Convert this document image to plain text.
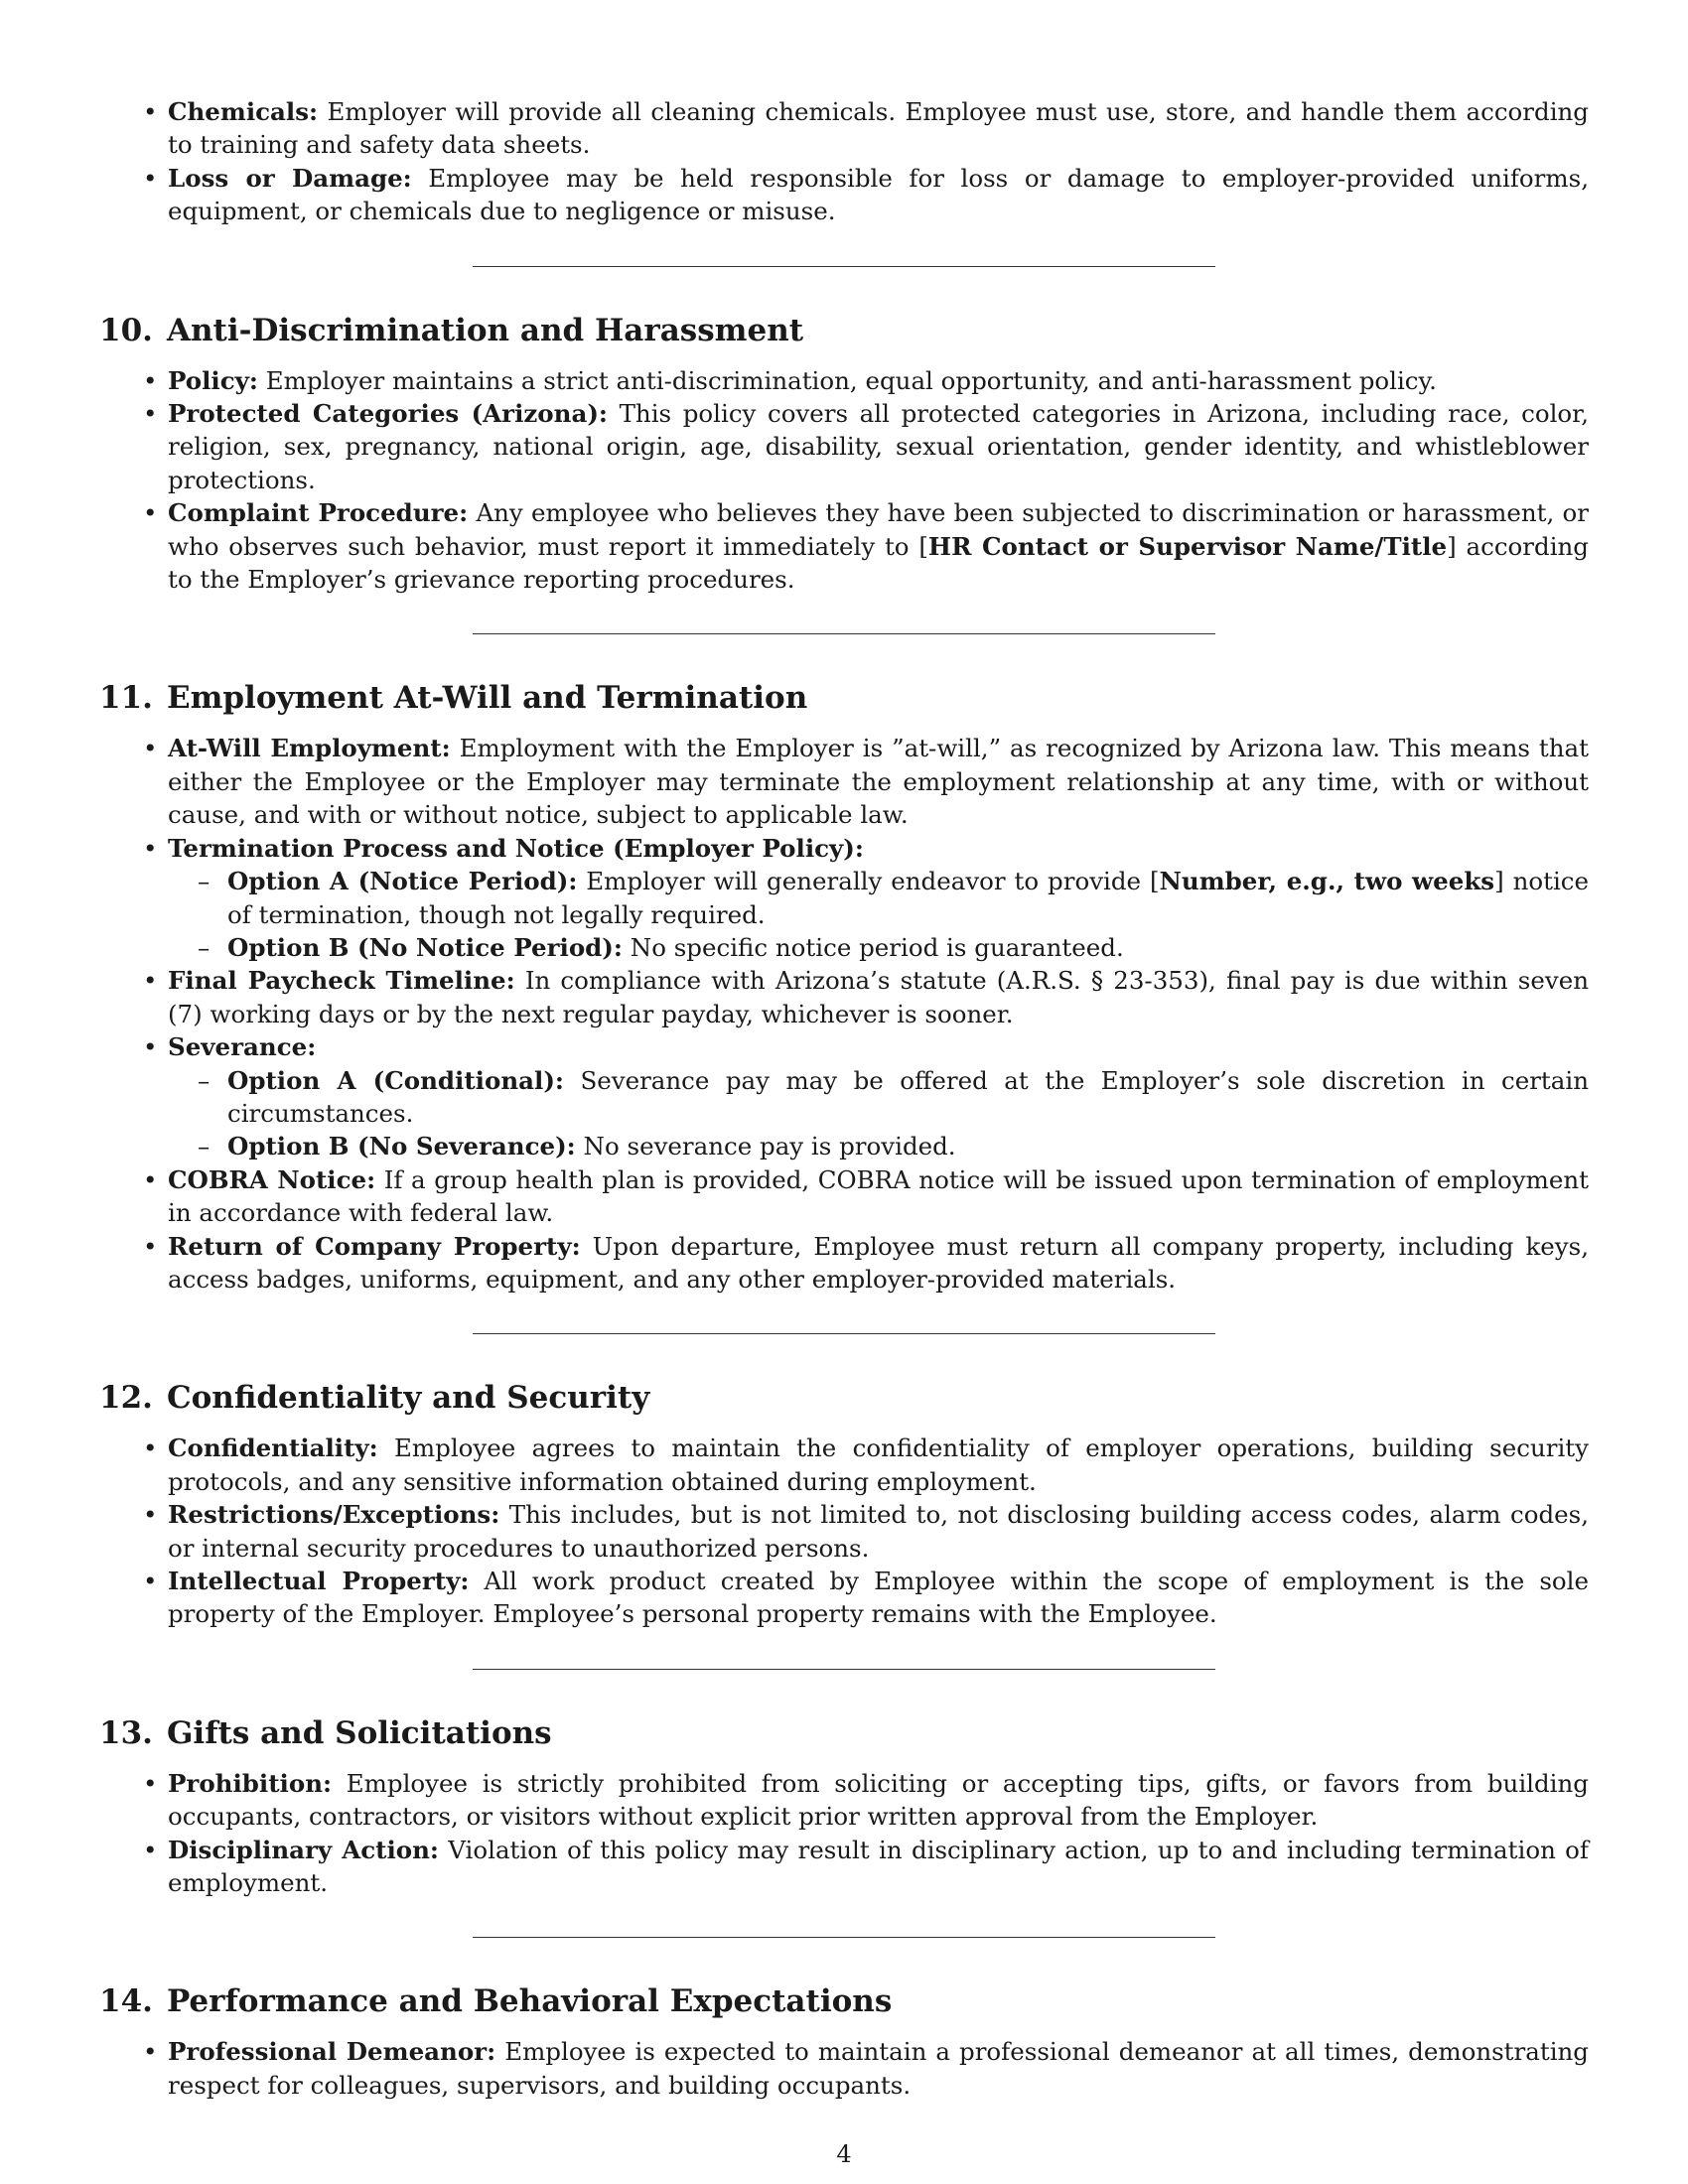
• Chemicals: Employer will provide all cleaning chemicals. Employee must use, store, and handle them according to training and safety data sheets.
• Loss or Damage: Employee may be held responsible for loss or damage to employer-provided uniforms, equipment, or chemicals due to negligence or misuse.
10. Anti-Discrimination and Harassment
• Policy: Employer maintains a strict anti-discrimination, equal opportunity, and anti-harassment policy.
• Protected Categories (Arizona): This policy covers all protected categories in Arizona, including race, color, religion, sex, pregnancy, national origin, age, disability, sexual orientation, gender identity, and whistleblower protections.
• Complaint Procedure: Any employee who believes they have been subjected to discrimination or harassment, or who observes such behavior, must report it immediately to [HR Contact or Supervisor Name/Title] according to the Employer’s grievance reporting procedures.
11. Employment At-Will and Termination
• At-Will Employment: Employment with the Employer is ”at-will,” as recognized by Arizona law. This means that either the Employee or the Employer may terminate the employment relationship at any time, with or without cause, and with or without notice, subject to applicable law.
• Termination Process and Notice (Employer Policy):
– Option A (Notice Period): Employer will generally endeavor to provide [Number, e.g., two weeks] notice of termination, though not legally required.
– Option B (No Notice Period): No specific notice period is guaranteed.
• Final Paycheck Timeline: In compliance with Arizona’s statute (A.R.S. § 23-353), final pay is due within seven (7) working days or by the next regular payday, whichever is sooner.
• Severance:
– Option A (Conditional): Severance pay may be offered at the Employer’s sole discretion in certain circumstances.
– Option B (No Severance): No severance pay is provided.
• COBRA Notice: If a group health plan is provided, COBRA notice will be issued upon termination of employment in accordance with federal law.
• Return of Company Property: Upon departure, Employee must return all company property, including keys, access badges, uniforms, equipment, and any other employer-provided materials.
12. Confidentiality and Security
• Confidentiality: Employee agrees to maintain the confidentiality of employer operations, building security protocols, and any sensitive information obtained during employment.
• Restrictions/Exceptions: This includes, but is not limited to, not disclosing building access codes, alarm codes, or internal security procedures to unauthorized persons.
• Intellectual Property: All work product created by Employee within the scope of employment is the sole property of the Employer. Employee’s personal property remains with the Employee.
13. Gifts and Solicitations
• Prohibition: Employee is strictly prohibited from soliciting or accepting tips, gifts, or favors from building occupants, contractors, or visitors without explicit prior written approval from the Employer.
• Disciplinary Action: Violation of this policy may result in disciplinary action, up to and including termination of employment.
14. Performance and Behavioral Expectations
• Professional Demeanor: Employee is expected to maintain a professional demeanor at all times, demonstrating respect for colleagues, supervisors, and building occupants.
4
